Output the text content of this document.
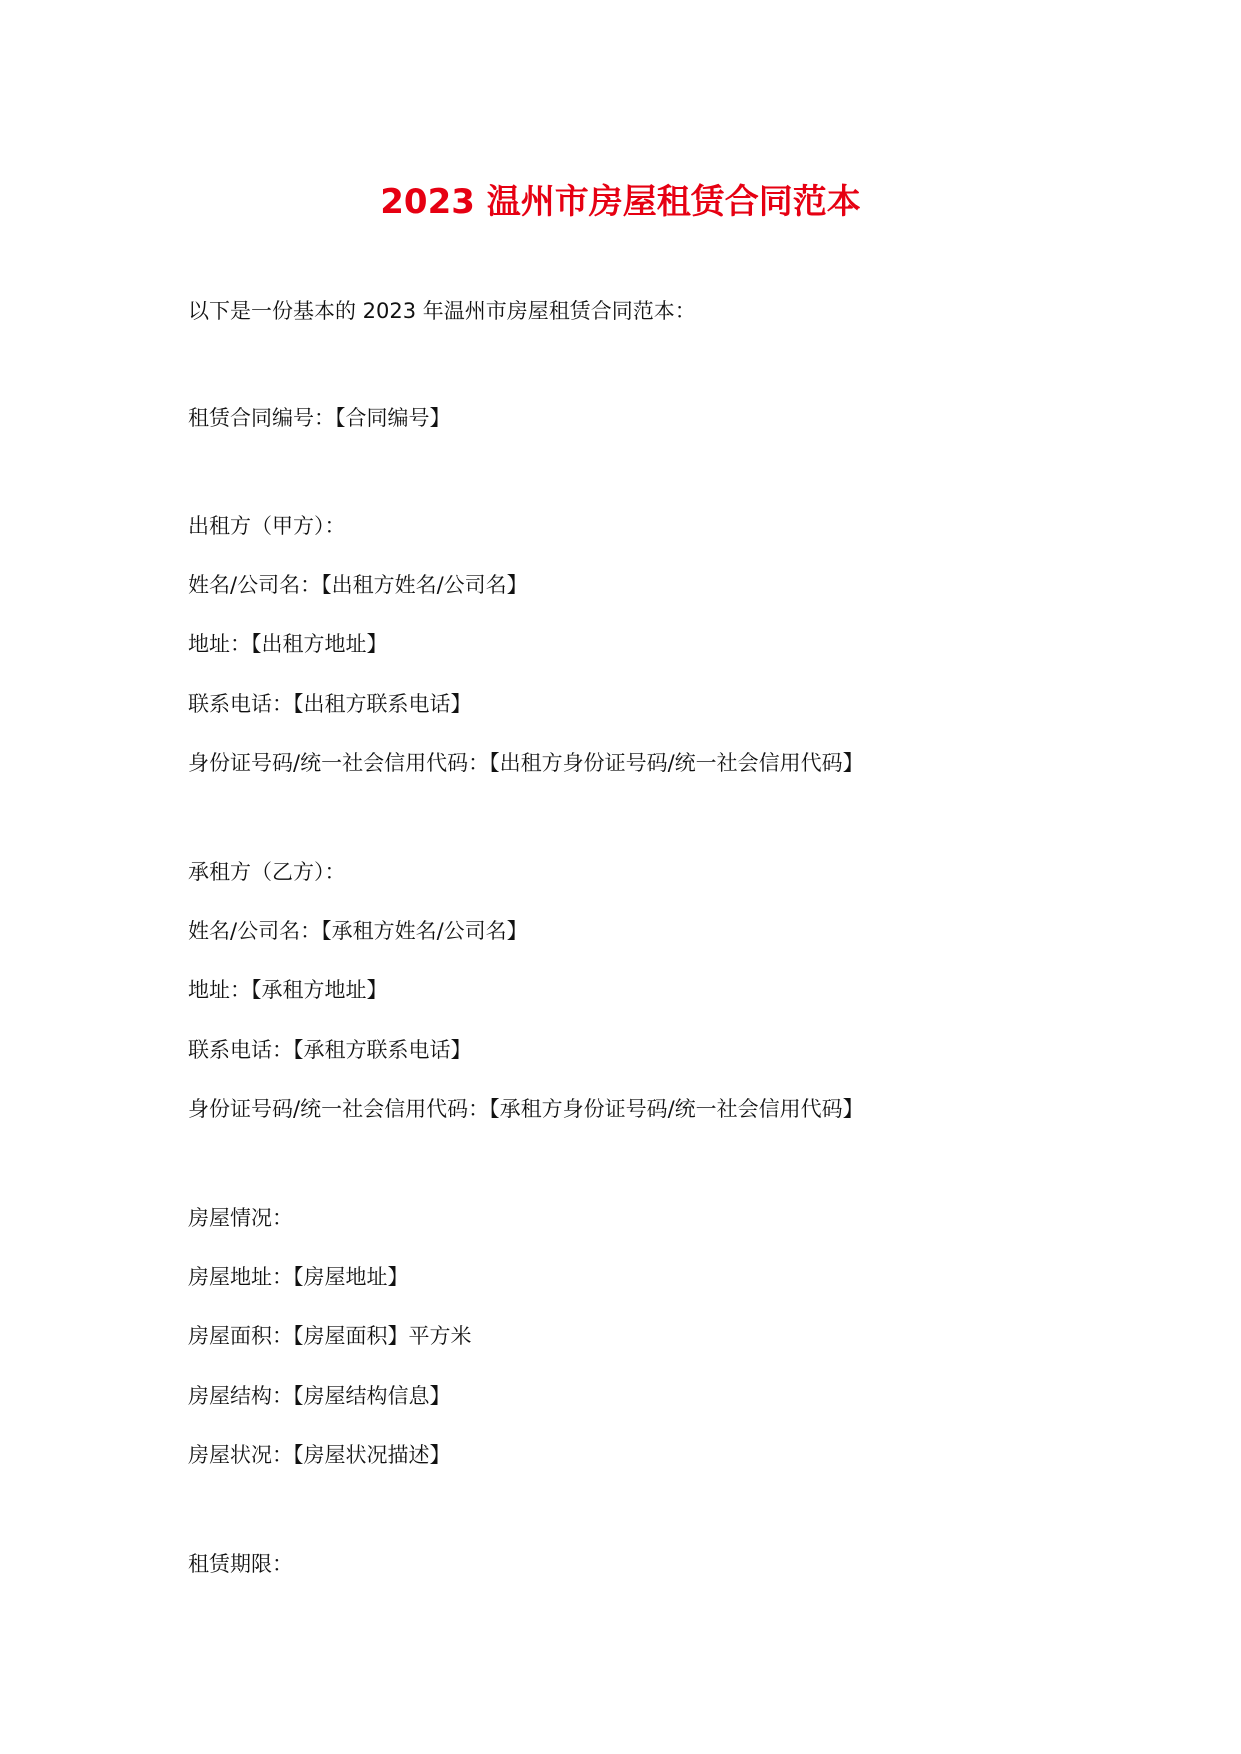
2023 温州市房屋租赁合同范本
以下是一份基本的 2023 年温州市房屋租赁合同范本：
租赁合同编号：【合同编号】
出租方（甲方）：
姓名/公司名：【出租方姓名/公司名】
地址：【出租方地址】
联系电话：【出租方联系电话】
身份证号码/统一社会信用代码：【出租方身份证号码/统一社会信用代码】
承租方（乙方）：
姓名/公司名：【承租方姓名/公司名】
地址：【承租方地址】
联系电话：【承租方联系电话】
身份证号码/统一社会信用代码：【承租方身份证号码/统一社会信用代码】
房屋情况：
房屋地址：【房屋地址】
房屋面积：【房屋面积】平方米
房屋结构：【房屋结构信息】
房屋状况：【房屋状况描述】
租赁期限：
